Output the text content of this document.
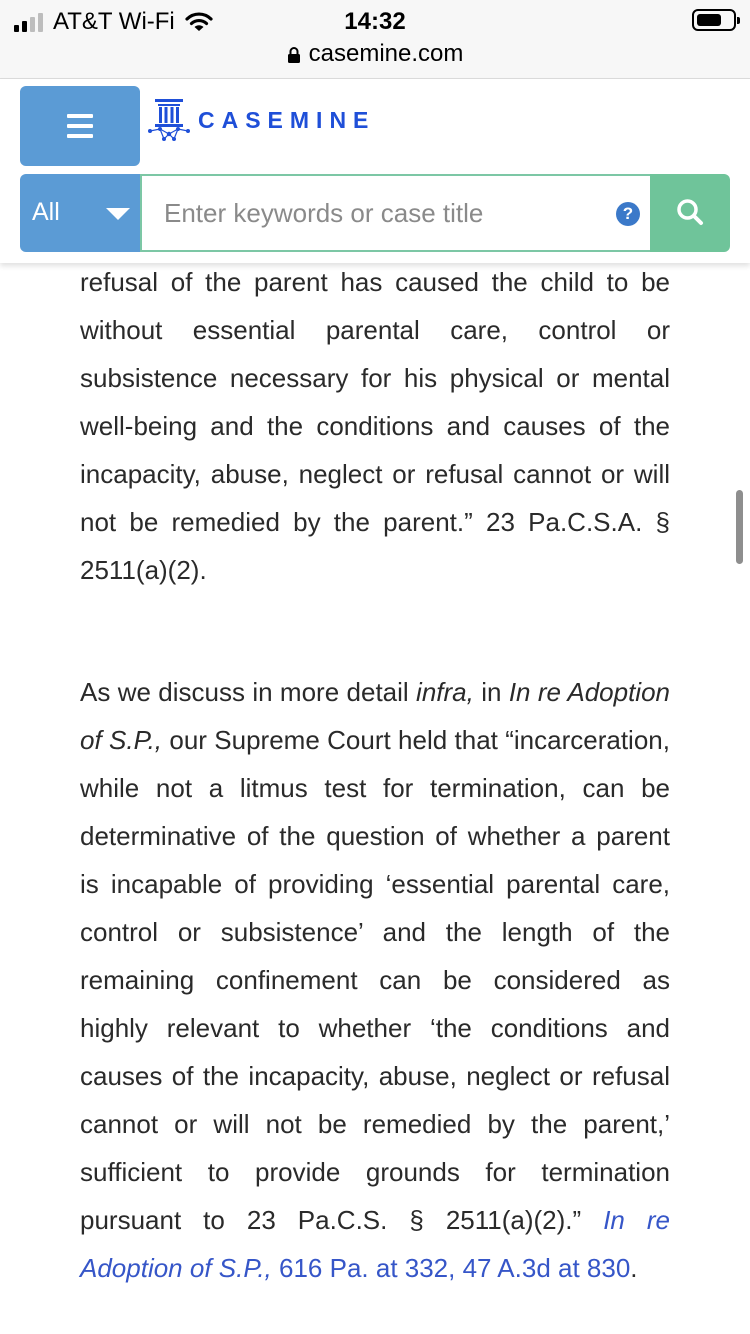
AT&T Wi-Fi	14:32
casemine.com
CASEMINE
All
Enter keywords or case title	?

refusal of the parent has caused the child to be without essential parental care, control or subsistence necessary for his physical or mental well-being and the conditions and causes of the incapacity, abuse, neglect or refusal cannot or will not be remedied by the parent.” 23 Pa.C.S.A. § 2511(a)(2).

As we discuss in more detail infra, in In re Adoption of S.P., our Supreme Court held that “incarceration, while not a litmus test for termination, can be determinative of the question of whether a parent is incapable of providing ‘essential parental care, control or subsistence’ and the length of the remaining confinement can be considered as highly relevant to whether ‘the conditions and causes of the incapacity, abuse, neglect or refusal cannot or will not be remedied by the parent,’ sufficient to provide grounds for termination pursuant to 23 Pa.C.S. § 2511(a)(2).” In re Adoption of S.P., 616 Pa. at 332, 47 A.3d at 830.
